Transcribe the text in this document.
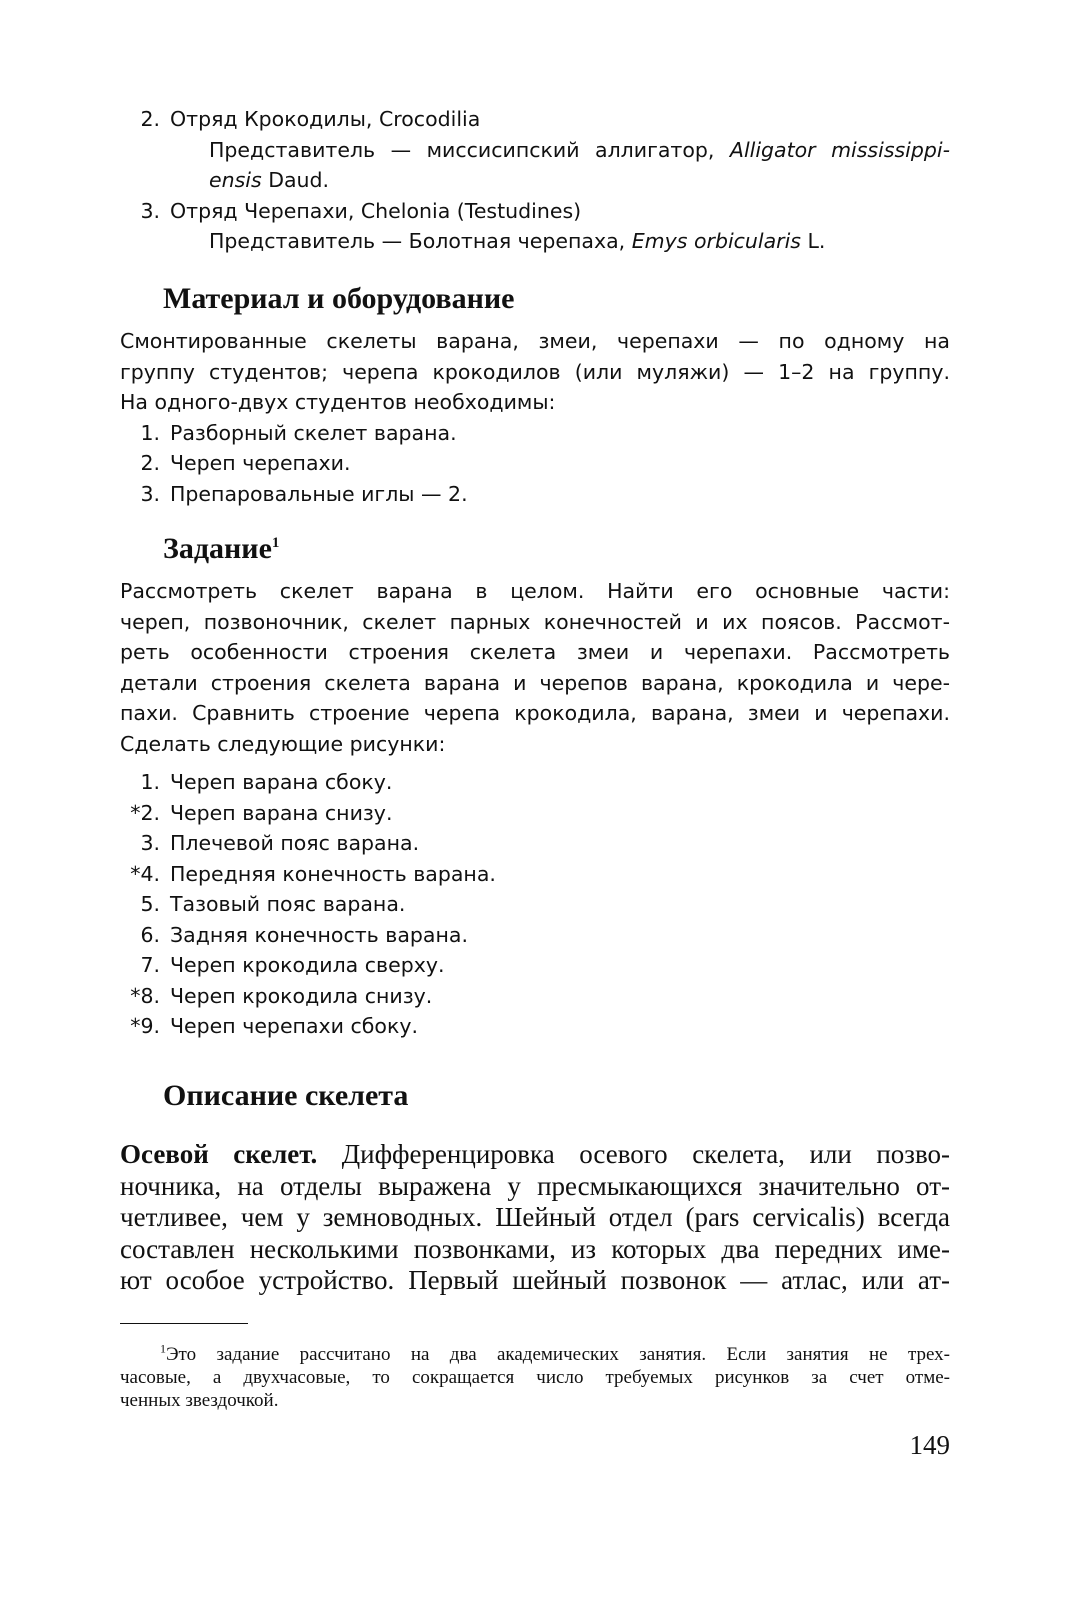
2. Отряд Крокодилы, Crocodilia
Представитель — миссисипский аллигатор, Alligator mississippi-
ensis Daud.
3. Отряд Черепахи, Chelonia (Testudines)
Представитель — Болотная черепаха, Emys orbicularis L.
Материал и оборудование
Смонтированные скелеты варана, змеи, черепахи — по одному на
группу студентов; черепа крокодилов (или муляжи) — 1–2 на группу.
На одного-двух студентов необходимы:
1. Разборный скелет варана.
2. Череп черепахи.
3. Препаровальные иглы — 2.
Задание$^1$
Рассмотреть скелет варана в целом. Найти его основные части:
череп, позвоночник, скелет парных конечностей и их поясов. Рассмот-
реть особенности строения скелета змеи и черепахи. Рассмотреть
детали строения скелета варана и черепов варана, крокодила и чере-
пахи. Сравнить строение черепа крокодила, варана, змеи и черепахи.
Сделать следующие рисунки:
1. Череп варана сбоку.
*2. Череп варана снизу.
3. Плечевой пояс варана.
*4. Передняя конечность варана.
5. Тазовый пояс варана.
6. Задняя конечность варана.
7. Череп крокодила сверху.
*8. Череп крокодила снизу.
*9. Череп черепахи сбоку.
Описание скелета
Осевой скелет. Дифференцировка осевого скелета, или позво-
ночника, на отделы выражена у пресмыкающихся значительно от-
четливее, чем у земноводных. Шейный отдел (pars cervicalis) всегда
составлен несколькими позвонками, из которых два передних име-
ют особое устройство. Первый шейный позвонок — атлас, или ат-
$^1$Это задание рассчитано на два академических занятия. Если занятия не трех-
часовые, а двухчасовые, то сокращается число требуемых рисунков за счет отме-
ченных звездочкой.
149
